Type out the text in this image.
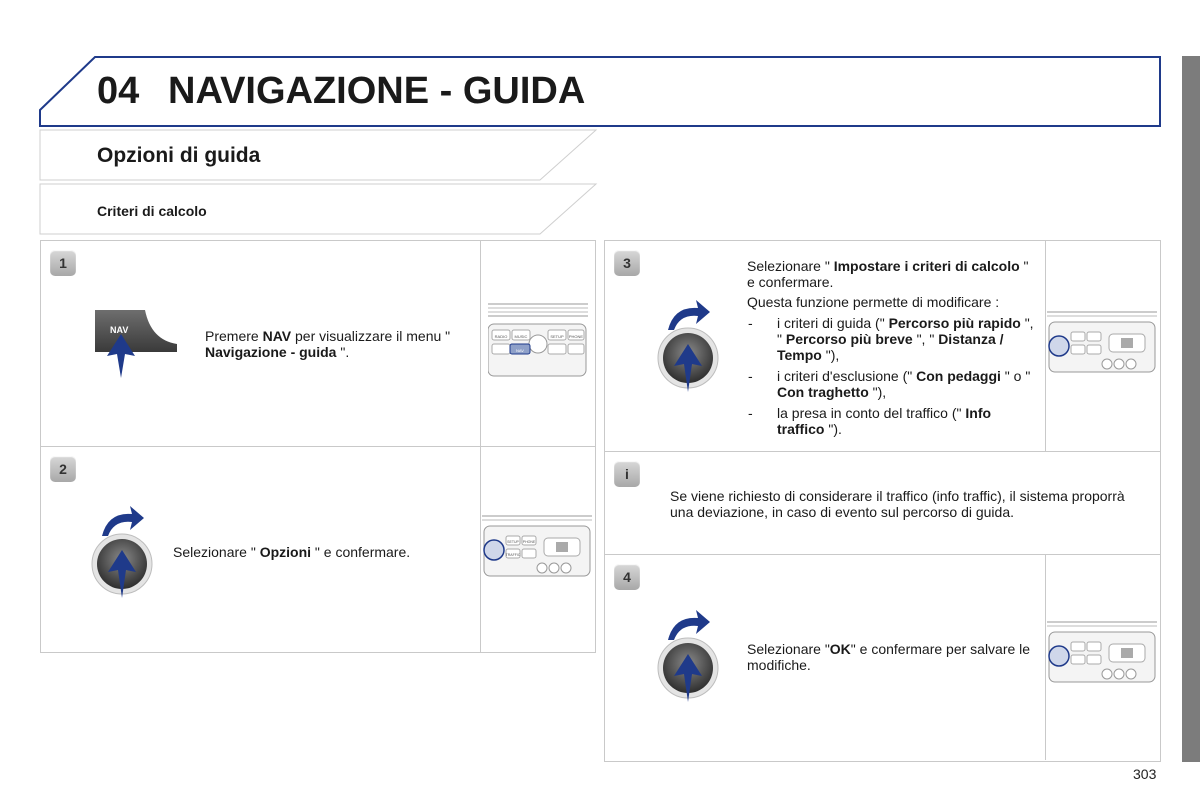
04 NAVIGAZIONE - GUIDA
Opzioni di guida
Criteri di calcolo
1
NAV	Premere NAV per visualizzare il menu " Navigazione - guida ".
RADIO MUSIC	SETUP PHONE
NAV
2
Selezionare " Opzioni " e confermare.
SETUP PHONE
TRAFFIC
3	Selezionare " Impostare i criteri di calcolo " e confermare.
Questa funzione permette di modificare :
- i criteri di guida (" Percorso più rapido ", " Percorso più breve ", " Distanza / Tempo "),
- i criteri d'esclusione (" Con pedaggi " o " Con traghetto "),
- la presa in conto del traffico (" Info traffico ").
i
Se viene richiesto di considerare il traffico (info traffic), il sistema proporrà una deviazione, in caso di evento sul percorso di guida.
4
Selezionare "OK" e confermare per salvare le modifiche.
303
